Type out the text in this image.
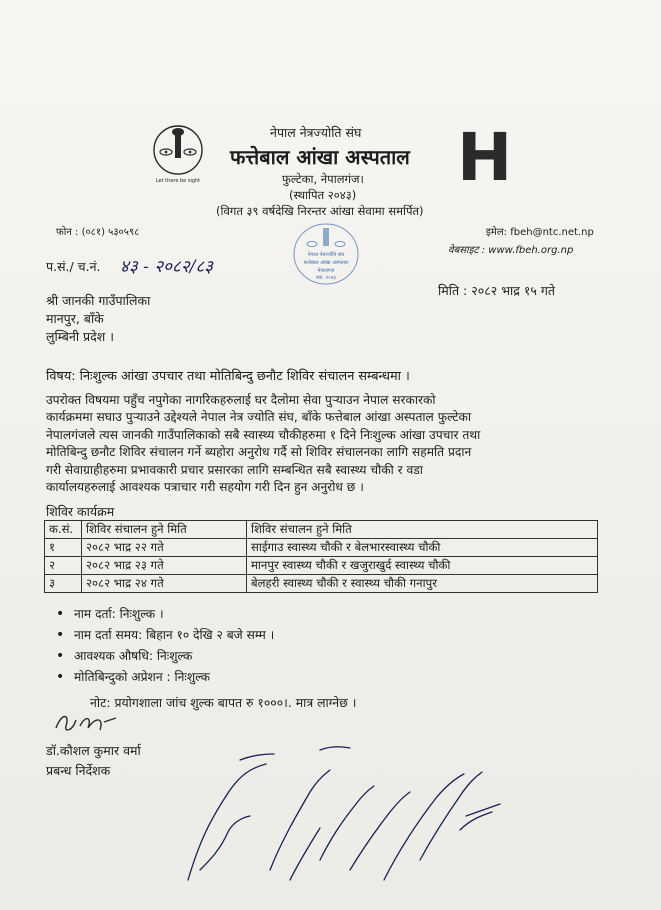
Let there be sight
नेपाल नेत्रज्योति संघ
फत्तेबाल आंखा अस्पताल
फुल्टेका, नेपालगंज।
(स्थापित २०४३)
(विगत ३९ वर्षदेखि निरन्तर आंखा सेवामा समर्पित)
H
फोन : (०८१) ५३०५९८	इमेल: fbeh@ntc.net.np
वेबसाइट : www.fbeh.org.np
नेपाल नेत्रज्योति संघ
फत्तेबाल आंखा अस्पताल
नेपालगंज
स्था. २०४३
प.सं./ च.नं. ४३ - २०८२/८३
मिति : २०८२ भाद्र १५ गते
श्री जानकी गाउँपालिका
मानपुर, बाँके
लुम्बिनी प्रदेश ।
विषय: निःशुल्क आंखा उपचार तथा मोतिबिन्दु छनौट शिविर संचालन सम्बन्धमा ।
उपरोक्त विषयमा पहुँच नपुगेका नागरिकहरुलाई घर दैलोमा सेवा पुऱ्याउन नेपाल सरकारको
कार्यक्रममा सघाउ पुऱ्याउने उद्देश्यले नेपाल नेत्र ज्योति संघ, बाँके फत्तेबाल आंखा अस्पताल फुल्टेका
नेपालगंजले त्यस जानकी गाउँपालिकाको सबै स्वास्थ्य चौकीहरुमा १ दिने निःशुल्क आंखा उपचार तथा
मोतिबिन्दु छनौट शिविर संचालन गर्ने ब्यहोरा अनुरोध गर्दै सो शिविर संचालनका लागि सहमति प्रदान
गरी सेवाग्राहीहरुमा प्रभावकारी प्रचार प्रसारका लागि सम्बन्धित सबै स्वास्थ्य चौकी र वडा
कार्यालयहरुलाई आवश्यक पत्राचार गरी सहयोग गरी दिन हुन अनुरोध छ ।
शिविर कार्यक्रम
क.सं.	शिविर संचालन हुने मिति	शिविर संचालन हुने मिति
१	२०८२ भाद्र २२ गते	साईगाउ स्वास्थ्य चौकी र बेलभारस्वास्थ्य चौकी
२	२०८२ भाद्र २३ गते	मानपुर स्वास्थ्य चौकी र खजुराखुर्द स्वास्थ्य चौकी
३	२०८२ भाद्र २४ गते	बेलहरी स्वास्थ्य चौकी र स्वास्थ्य चौकी गनापुर
• नाम दर्ता: निःशुल्क ।
• नाम दर्ता समय: बिहान १० देखि २ बजे सम्म ।
• आवश्यक औषधि: निःशुल्क
• मोतिबिन्दुको अप्रेशन : निःशुल्क
नोट: प्रयोगशाला जांच शुल्क बापत रु १०००।. मात्र लाग्नेछ ।
डॉ.कौशल कुमार वर्मा
प्रबन्ध निर्देशक
